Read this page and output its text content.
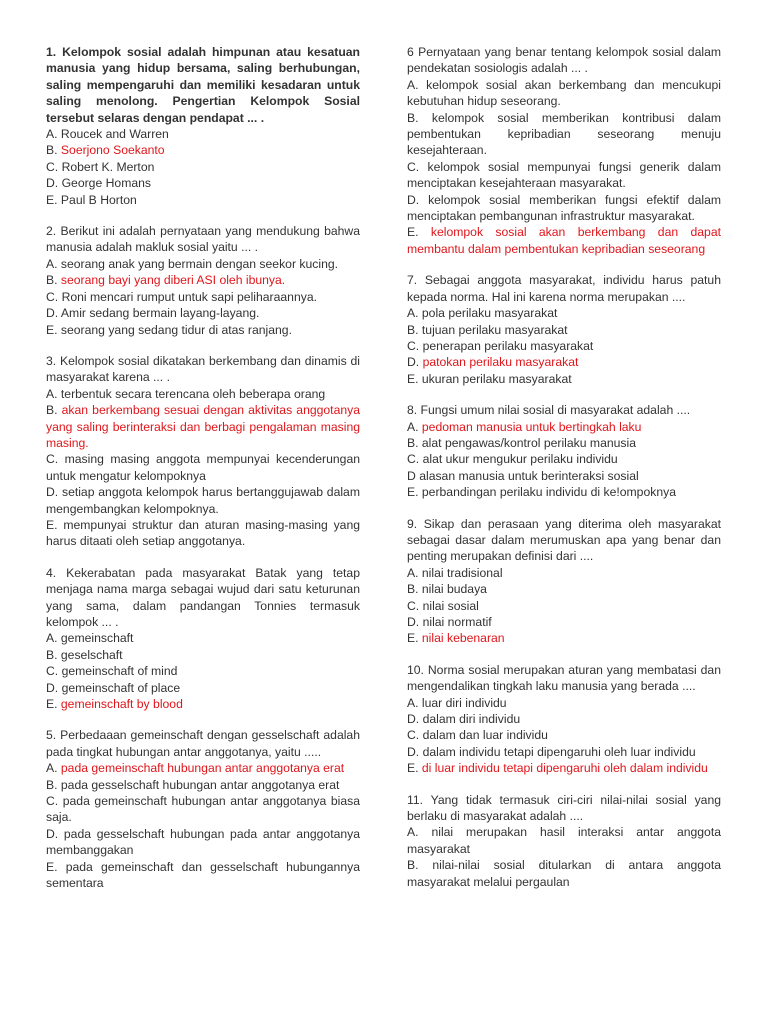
1. Kelompok sosial adalah himpunan atau kesatuan manusia yang hidup bersama, saling berhubungan, saling mempengaruhi dan memiliki kesadaran untuk saling menolong. Pengertian Kelompok Sosial tersebut selaras dengan pendapat ... .

A. Roucek and Warren

B. Soerjono Soekanto

C. Robert K. Merton

D. George Homans

E. Paul B Horton

2. Berikut ini adalah pernyataan yang mendukung bahwa manusia adalah makluk sosial yaitu ... .

A. seorang anak yang bermain dengan seekor kucing.

B. seorang bayi yang diberi ASI oleh ibunya.

C. Roni mencari rumput untuk sapi peliharaannya.

D. Amir sedang bermain layang-layang.

E. seorang yang sedang tidur di atas ranjang.

3. Kelompok sosial dikatakan berkembang dan dinamis di masyarakat karena ... .

A. terbentuk secara terencana oleh beberapa orang

B. akan berkembang sesuai dengan aktivitas anggotanya yang saling berinteraksi dan berbagi pengalaman masing masing.

C. masing masing anggota mempunyai kecenderungan untuk mengatur kelompoknya

D. setiap anggota kelompok harus bertanggujawab dalam mengembangkan kelompoknya.

E. mempunyai struktur dan aturan masing-masing yang harus ditaati oleh setiap anggotanya.

4. Kekerabatan pada masyarakat Batak yang tetap menjaga nama marga sebagai wujud dari satu keturunan yang sama, dalam pandangan Tonnies termasuk kelompok ... .

A. gemeinschaft

B. geselschaft

C. gemeinschaft of mind

D. gemeinschaft of place

E. gemeinschaft by blood

5. Perbedaaan gemeinschaft dengan gesselschaft adalah pada tingkat hubungan antar anggotanya, yaitu .....

A. pada gemeinschaft hubungan antar anggotanya erat

B. pada gesselschaft hubungan antar anggotanya erat

C. pada gemeinschaft hubungan antar anggotanya biasa saja.

D. pada gesselschaft hubungan pada antar anggotanya membanggakan

E. pada gemeinschaft dan gesselschaft hubungannya sementara

6 Pernyataan yang benar tentang kelompok sosial dalam pendekatan sosiologis adalah ... .

A. kelompok sosial akan berkembang dan mencukupi kebutuhan hidup seseorang.

B. kelompok sosial memberikan kontribusi dalam pembentukan kepribadian seseorang menuju kesejahteraan.

C. kelompok sosial mempunyai fungsi generik dalam menciptakan kesejahteraan masyarakat.

D. kelompok sosial memberikan fungsi efektif dalam menciptakan pembangunan infrastruktur masyarakat.

E. kelompok sosial akan berkembang dan dapat membantu dalam pembentukan kepribadian seseorang

7. Sebagai anggota masyarakat, individu harus patuh kepada norma. Hal ini karena norma merupakan ....

A. pola perilaku masyarakat

B. tujuan perilaku masyarakat

C. penerapan perilaku masyarakat

D. patokan perilaku masyarakat

E. ukuran perilaku masyarakat

8. Fungsi umum nilai sosial di masyarakat adalah ....

A. pedoman manusia untuk bertingkah laku

B. alat pengawas/kontrol perilaku manusia

C. alat ukur mengukur perilaku individu

D alasan manusia untuk berinteraksi sosial

E. perbandingan perilaku individu di ke!ompoknya

9. Sikap dan perasaan yang diterima oleh masyarakat sebagai dasar dalam merumuskan apa yang benar dan penting merupakan definisi dari ....

A. nilai tradisional

B. nilai budaya

C. nilai sosial

D. nilai normatif

E. nilai kebenaran

10. Norma sosial merupakan aturan yang membatasi dan mengendalikan tingkah laku manusia yang berada ....

A. luar diri individu

D. dalam diri individu

C. dalam dan luar individu

D. dalam individu tetapi dipengaruhi oleh luar individu

E. di luar individu tetapi dipengaruhi oleh dalam individu

11. Yang tidak termasuk ciri-ciri nilai-nilai sosial yang berlaku di masyarakat adalah ....

A. nilai merupakan hasil interaksi antar anggota masyarakat

B. nilai-nilai sosial ditularkan di antara anggota masyarakat melalui pergaulan
